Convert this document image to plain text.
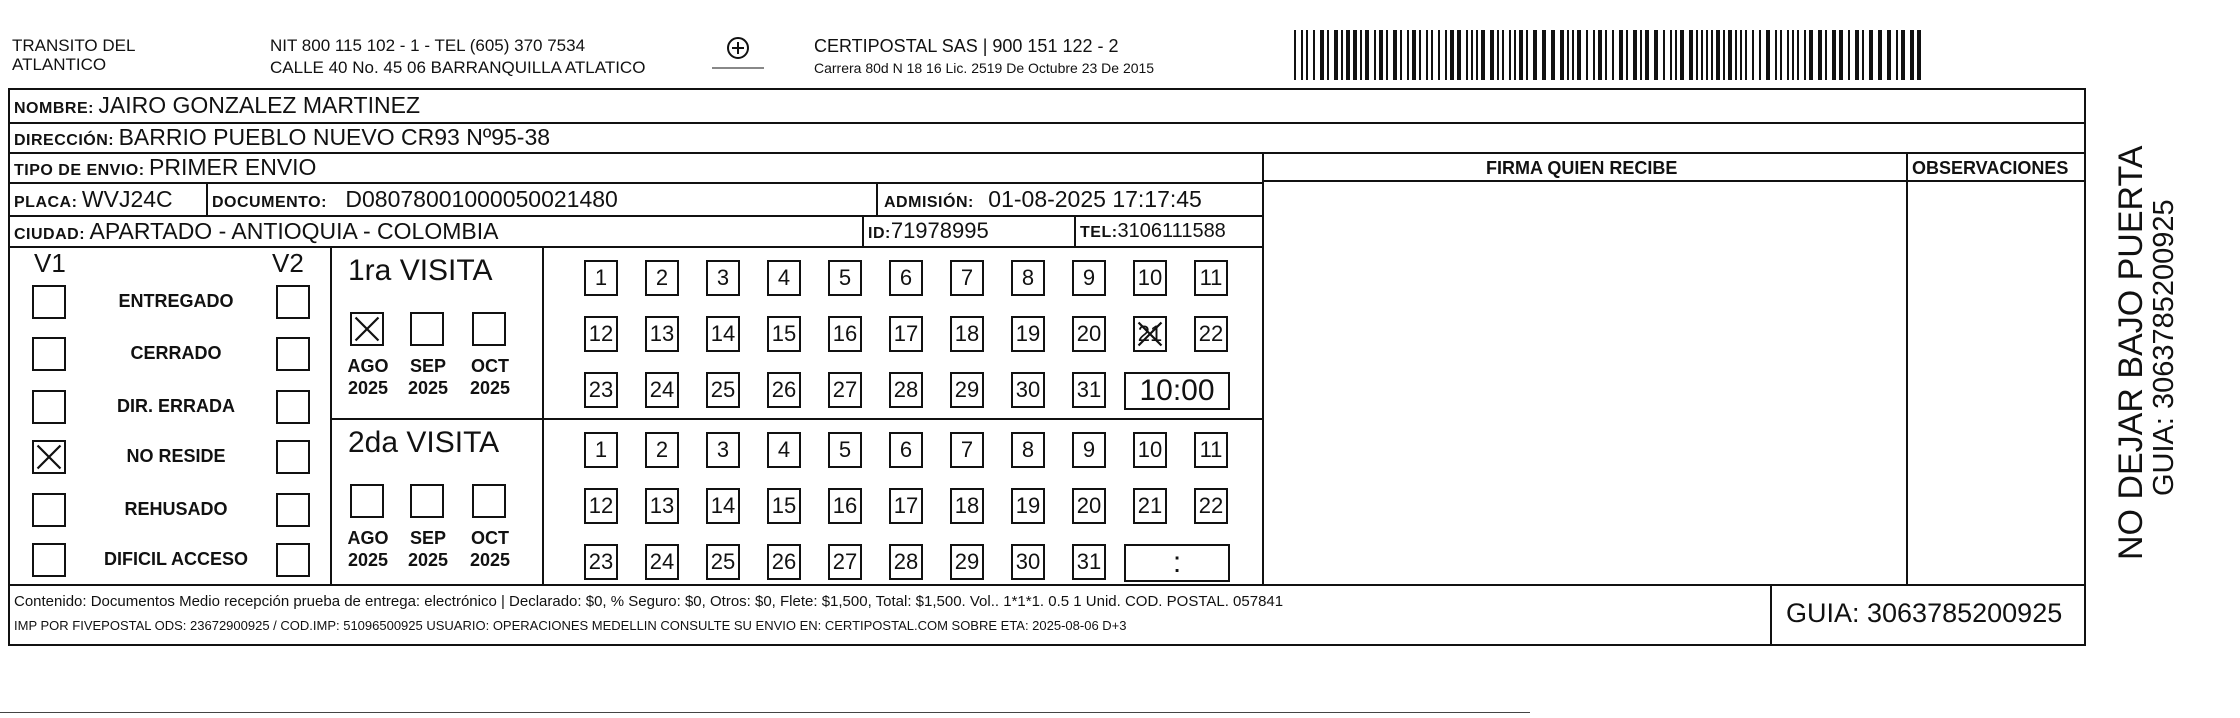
TRANSITO DEL ATLANTICO
NIT 800 115 102 - 1 - TEL (605) 370 7534
CALLE 40 No. 45 06 BARRANQUILLA ATLATICO
CERTIPOSTAL SAS | 900 151 122 - 2
Carrera 80d N 18 16 Lic. 2519 De Octubre 23 De 2015
NOMBRE: JAIRO GONZALEZ MARTINEZ
DIRECCIÓN: BARRIO PUEBLO NUEVO CR93 Nº95-38
TIPO DE ENVIO: PRIMER ENVIO	FIRMA QUIEN RECIBE	OBSERVACIONES
PLACA: WVJ24C DOCUMENTO: D08078001000050021480	ADMISIÓN: 01-08-2025 17:17:45
CIUDAD: APARTADO - ANTIOQUIA - COLOMBIA	ID:71978995	TEL:3106111588
V1	V2
ENTREGADO
CERRADO
DIR. ERRADA
NO RESIDE
REHUSADO
DIFICIL ACCESO
1ra VISITA
AGO
2025
SEP
2025
OCT
2025
1	2	3	4	5	6	7	8	9	10 11
12 13 14 15 16 17 18 19 20 21 22
23 24 25 26 27 28 29 30 31	10:00
2da VISITA
AGO
2025
SEP
2025
OCT
2025
1	2	3	4	5	6	7	8	9	10 11
12 13 14 15 16 17 18 19 20 21 22
23 24 25 26 27 28 29 30 31	:
Contenido: Documentos Medio recepción prueba de entrega: electrónico | Declarado: $0, % Seguro: $0, Otros: $0, Flete: $1,500, Total: $1,500. Vol.. 1*1*1. 0.5 1 Unid. COD. POSTAL. 057841
IMP POR FIVEPOSTAL ODS: 23672900925 / COD.IMP: 51096500925 USUARIO: OPERACIONES MEDELLIN CONSULTE SU ENVIO EN: CERTIPOSTAL.COM SOBRE ETA: 2025-08-06 D+3	GUIA: 3063785200925
NO DEJAR BAJO PUERTA
GUIA: 3063785200925
